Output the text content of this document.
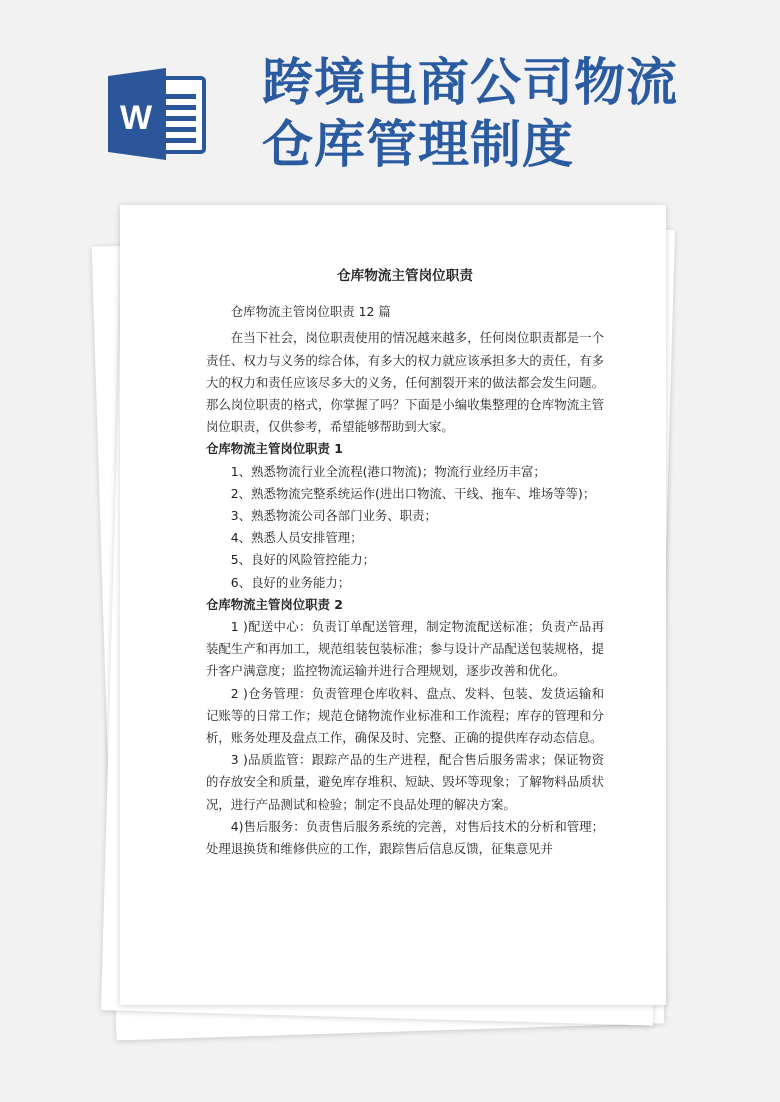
W
跨境电商公司物流
仓库管理制度
仓库物流主管岗位职责

仓库物流主管岗位职责 12 篇

在当下社会，岗位职责使用的情况越来越多，任何岗位职责都是一个责任、权力与义务的综合体，有多大的权力就应该承担多大的责任，有多大的权力和责任应该尽多大的义务，任何割裂开来的做法都会发生问题。那么岗位职责的格式，你掌握了吗？下面是小编收集整理的仓库物流主管岗位职责，仅供参考，希望能够帮助到大家。

仓库物流主管岗位职责 1

1、熟悉物流行业全流程(港口物流)；物流行业经历丰富；

2、熟悉物流完整系统运作(进出口物流、干线、拖车、堆场等等)；

3、熟悉物流公司各部门业务、职责；

4、熟悉人员安排管理；

5、良好的风险管控能力；

6、良好的业务能力；

仓库物流主管岗位职责 2

1 )配送中心：负责订单配送管理，制定物流配送标准；负责产品再装配生产和再加工，规范组装包装标准；参与设计产品配送包装规格，提升客户满意度；监控物流运输并进行合理规划，逐步改善和优化。

2 )仓务管理：负责管理仓库收料、盘点、发料、包装、发货运输和记账等的日常工作；规范仓储物流作业标准和工作流程；库存的管理和分析，账务处理及盘点工作，确保及时、完整、正确的提供库存动态信息。

3 )品质监管：跟踪产品的生产进程，配合售后服务需求；保证物资的存放安全和质量，避免库存堆积、短缺、毁坏等现象；了解物料品质状况，进行产品测试和检验；制定不良品处理的解决方案。

4)售后服务：负责售后服务系统的完善，对售后技术的分析和管理；处理退换货和维修供应的工作，跟踪售后信息反馈，征集意见并
